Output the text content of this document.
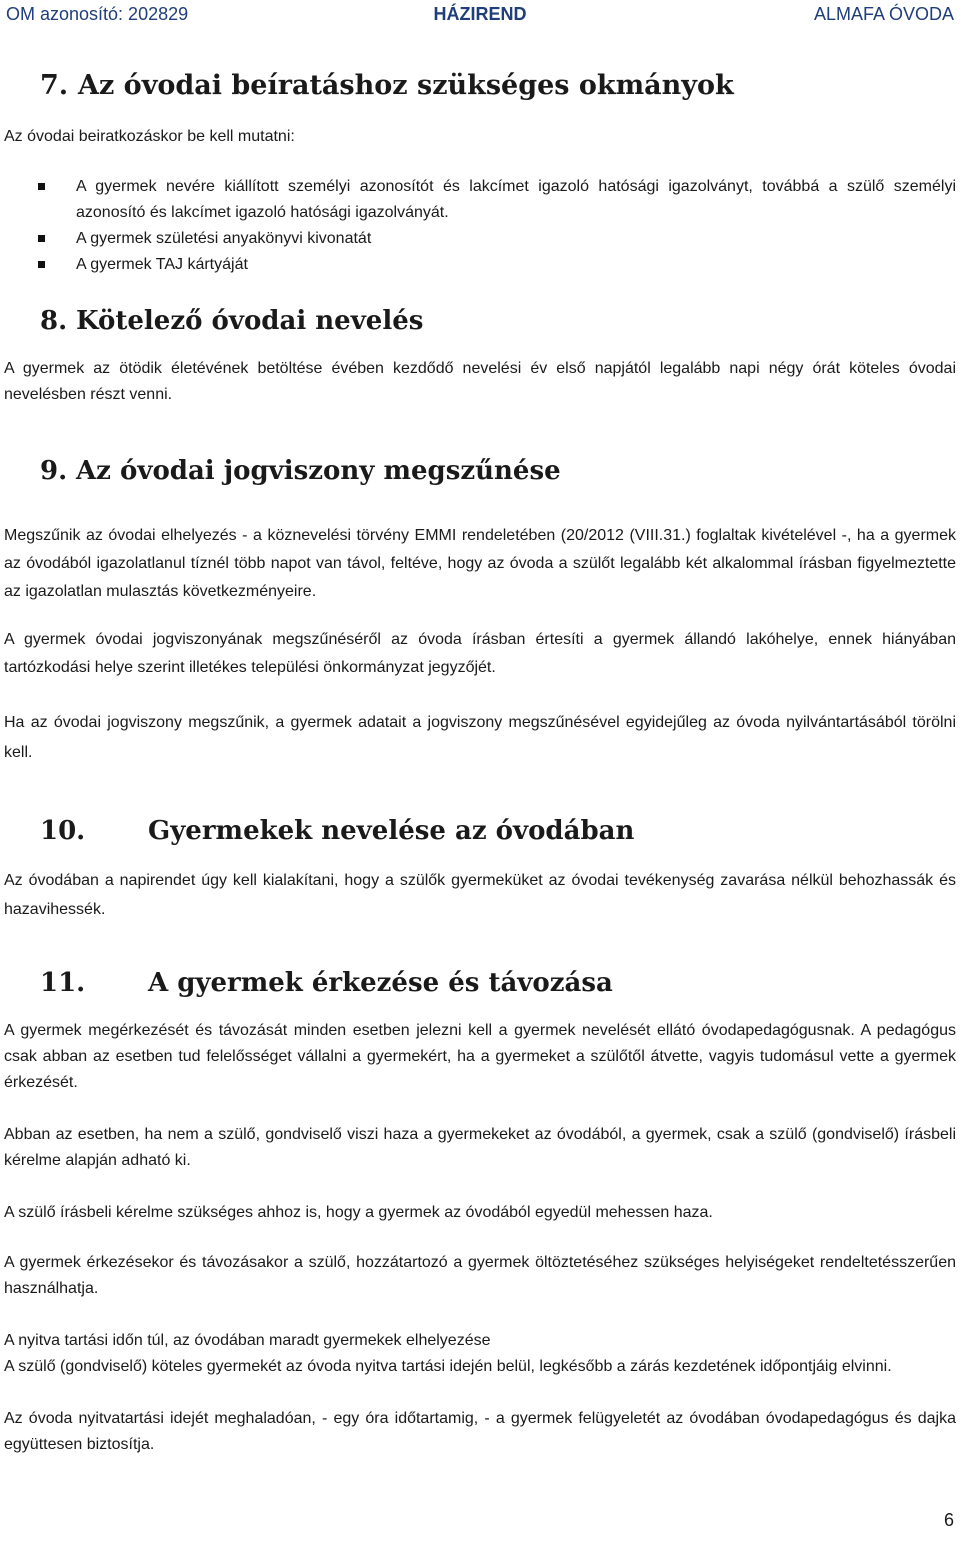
OM azonosító: 202829	HÁZIREND	ALMAFA ÓVODA
7. Az óvodai beíratáshoz szükséges okmányok

Az óvodai beiratkozáskor be kell mutatni:

A gyermek nevére kiállított személyi azonosítót és lakcímet igazoló hatósági igazolványt, továbbá a szülő személyi azonosító és lakcímet igazoló hatósági igazolványát.
A gyermek születési anyakönyvi kivonatát
A gyermek TAJ kártyáját
8. Kötelező óvodai nevelés

A gyermek az ötödik életévének betöltése évében kezdődő nevelési év első napjától legalább napi négy órát köteles óvodai nevelésben részt venni.

9. Az óvodai jogviszony megszűnése

Megszűnik az óvodai elhelyezés - a köznevelési törvény EMMI rendeletében (20/2012 (VIII.31.) foglaltak kivételével -, ha a gyermek az óvodából igazolatlanul tíznél több napot van távol, feltéve, hogy az óvoda a szülőt legalább két alkalommal írásban figyelmeztette az igazolatlan mulasztás következményeire.

A gyermek óvodai jogviszonyának megszűnéséről az óvoda írásban értesíti a gyermek állandó lakóhelye, ennek hiányában tartózkodási helye szerint illetékes települési önkormányzat jegyzőjét.

Ha az óvodai jogviszony megszűnik, a gyermek adatait a jogviszony megszűnésével egyidejűleg az óvoda nyilvántartásából törölni kell.

10. Gyermekek nevelése az óvodában

Az óvodában a napirendet úgy kell kialakítani, hogy a szülők gyermeküket az óvodai tevékenység zavarása nélkül behozhassák és hazavihessék.

11. A gyermek érkezése és távozása

A gyermek megérkezését és távozását minden esetben jelezni kell a gyermek nevelését ellátó óvodapedagógusnak. A pedagógus csak abban az esetben tud felelősséget vállalni a gyermekért, ha a gyermeket a szülőtől átvette, vagyis tudomásul vette a gyermek érkezését.

Abban az esetben, ha nem a szülő, gondviselő viszi haza a gyermekeket az óvodából, a gyermek, csak a szülő (gondviselő) írásbeli kérelme alapján adható ki.

A szülő írásbeli kérelme szükséges ahhoz is, hogy a gyermek az óvodából egyedül mehessen haza.

A gyermek érkezésekor és távozásakor a szülő, hozzátartozó a gyermek öltöztetéséhez szükséges helyiségeket rendeltetésszerűen használhatja.

A nyitva tartási időn túl, az óvodában maradt gyermekek elhelyezése

A szülő (gondviselő) köteles gyermekét az óvoda nyitva tartási idején belül, legkésőbb a zárás kezdetének időpontjáig elvinni.

Az óvoda nyitvatartási idejét meghaladóan, - egy óra időtartamig, - a gyermek felügyeletét az óvodában óvodapedagógus és dajka együttesen biztosítja.

6
